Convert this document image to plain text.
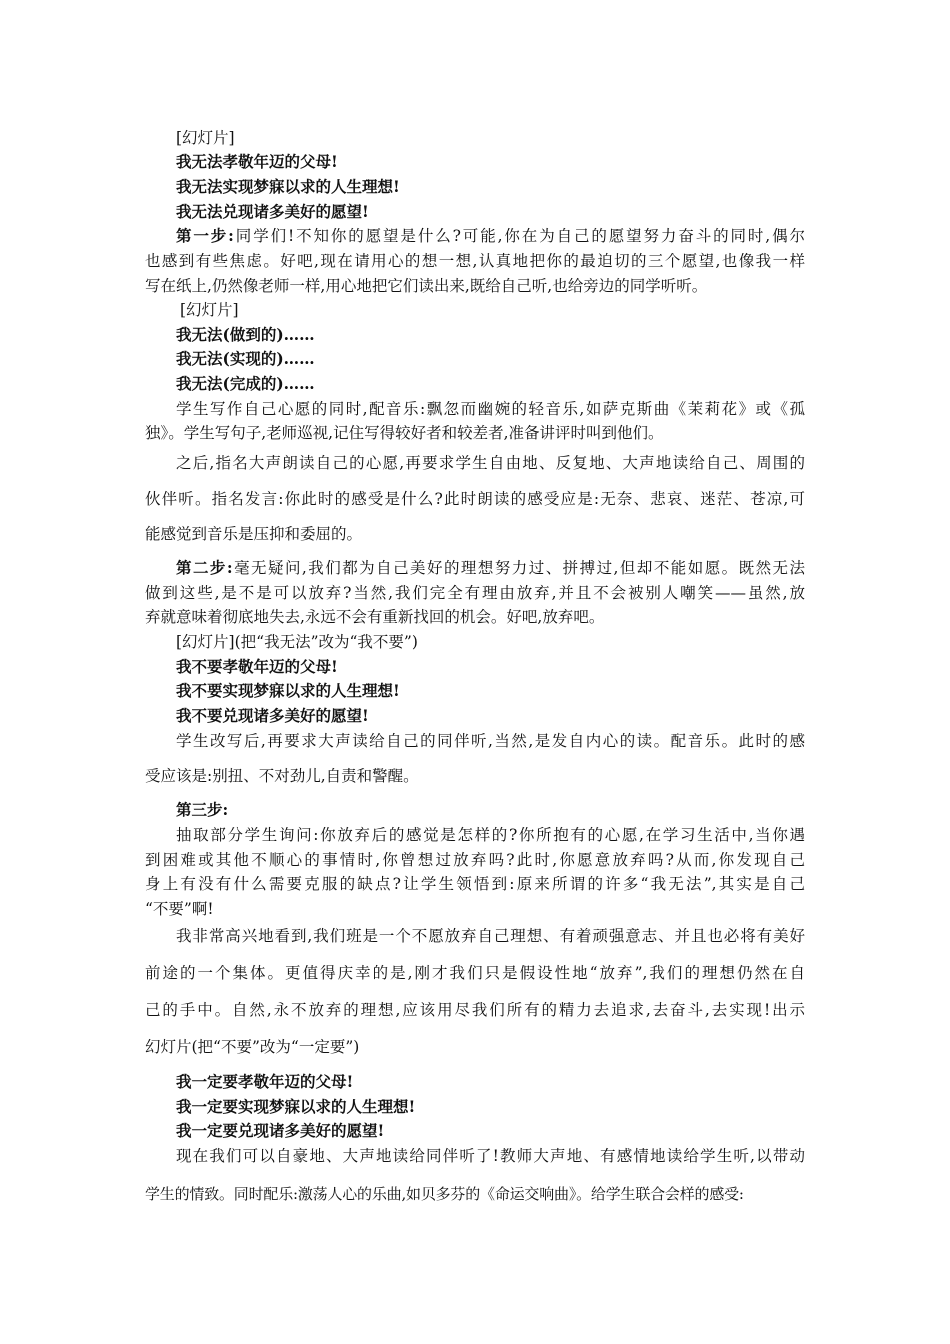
[幻灯片]
我无法孝敬年迈的父母!
我无法实现梦寐以求的人生理想!
我无法兑现诸多美好的愿望!
第一步:同学们!不知你的愿望是什么?可能,你在为自己的愿望努力奋斗的同时,偶尔
也感到有些焦虑。好吧,现在请用心的想一想,认真地把你的最迫切的三个愿望,也像我一样
写在纸上,仍然像老师一样,用心地把它们读出来,既给自己听,也给旁边的同学听听。
[幻灯片]
我无法(做到的)……
我无法(实现的)……
我无法(完成的)……
学生写作自己心愿的同时,配音乐:飘忽而幽婉的轻音乐,如萨克斯曲《茉莉花》或《孤
独》。学生写句子,老师巡视,记住写得较好者和较差者,准备讲评时叫到他们。
之后,指名大声朗读自己的心愿,再要求学生自由地、反复地、大声地读给自己、周围的
伙伴听。指名发言:你此时的感受是什么?此时朗读的感受应是:无奈、悲哀、迷茫、苍凉,可
能感觉到音乐是压抑和委屈的。
第二步:毫无疑问,我们都为自己美好的理想努力过、拼搏过,但却不能如愿。既然无法
做到这些,是不是可以放弃?当然,我们完全有理由放弃,并且不会被别人嘲笑——虽然,放
弃就意味着彻底地失去,永远不会有重新找回的机会。好吧,放弃吧。
[幻灯片](把“我无法”改为“我不要”)
我不要孝敬年迈的父母!
我不要实现梦寐以求的人生理想!
我不要兑现诸多美好的愿望!
学生改写后,再要求大声读给自己的同伴听,当然,是发自内心的读。配音乐。此时的感
受应该是:别扭、不对劲儿,自责和警醒。
第三步:
抽取部分学生询问:你放弃后的感觉是怎样的?你所抱有的心愿,在学习生活中,当你遇
到困难或其他不顺心的事情时,你曾想过放弃吗?此时,你愿意放弃吗?从而,你发现自己
身上有没有什么需要克服的缺点?让学生领悟到:原来所谓的许多“我无法”,其实是自己
“不要”啊!
我非常高兴地看到,我们班是一个不愿放弃自己理想、有着顽强意志、并且也必将有美好
前途的一个集体。更值得庆幸的是,刚才我们只是假设性地“放弃”,我们的理想仍然在自
己的手中。自然,永不放弃的理想,应该用尽我们所有的精力去追求,去奋斗,去实现!出示
幻灯片(把“不要”改为“一定要”)
我一定要孝敬年迈的父母!
我一定要实现梦寐以求的人生理想!
我一定要兑现诸多美好的愿望!
现在我们可以自豪地、大声地读给同伴听了!教师大声地、有感情地读给学生听,以带动
学生的情致。同时配乐:激荡人心的乐曲,如贝多芬的《命运交响曲》。给学生联合会样的感受:
